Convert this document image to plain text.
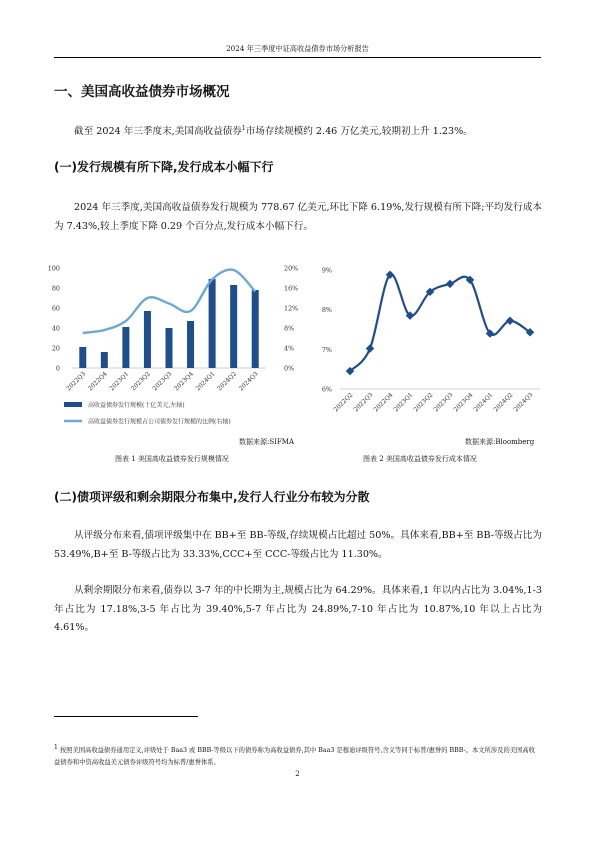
2024 年三季度中证高收益债券市场分析报告
一、美国高收益债券市场概况
截至 2024 年三季度末,美国高收益债券$^1$市场存续规模约 2.46 万亿美元,较期初上升 1.23%。
(一)发行规模有所下降,发行成本小幅下行
2024 年三季度,美国高收益债券发行规模为 778.67 亿美元,环比下降 6.19%,发行规模有所下降;平均发行成本为 7.43%,较上季度下降 0.29 个百分点,发行成本小幅下行。
0
20
40
60
80
100
0%
4%
8%
12%
16%
20%
2022Q3 2022Q4 2023Q1 2023Q2 2023Q3 2023Q4 2024Q1 2024Q2 2024Q3
高收益债券发行规模(十亿美元,左轴)
高收益债券发行规模占公司债券发行规模的比例(右轴)
6%
7%
8%
9%
2022Q2
2022Q3
2022Q4
2023Q1
2023Q2
2023Q3
2023Q4
2024Q1
2024Q2
2024Q3
数据来源:SIFMA	数据来源:Bloomberg
图表 1 美国高收益债券发行规模情况	图表 2 美国高收益债券发行成本情况
(二)债项评级和剩余期限分布集中,发行人行业分布较为分散
从评级分布来看,债项评级集中在 BB+至 BB-等级,存续规模占比超过 50%。具体来看,BB+至 BB-等级占比为 53.49%,B+至 B-等级占比为 33.33%,CCC+至 CCC-等级占比为 11.30%。
从剩余期限分布来看,债券以 3-7 年的中长期为主,规模占比为 64.29%。具体来看,1 年以内占比为 3.04%,1-3 年占比为 17.18%,3-5 年占比为 39.40%,5-7 年占比为 24.89%,7-10 年占比为 10.87%,10 年以上占比为 4.61%。
$^1$ 按照美国高收益债券通用定义,评级处于 Baa3 或 BBB-等级以下的债券称为高收益债券,其中 Baa3 是穆迪评级符号,含义等同于标普/惠誉的 BBB-。本文所涉及的美国高收益债券和中资高收益美元债券评级符号均为标普/惠誉体系。
2
